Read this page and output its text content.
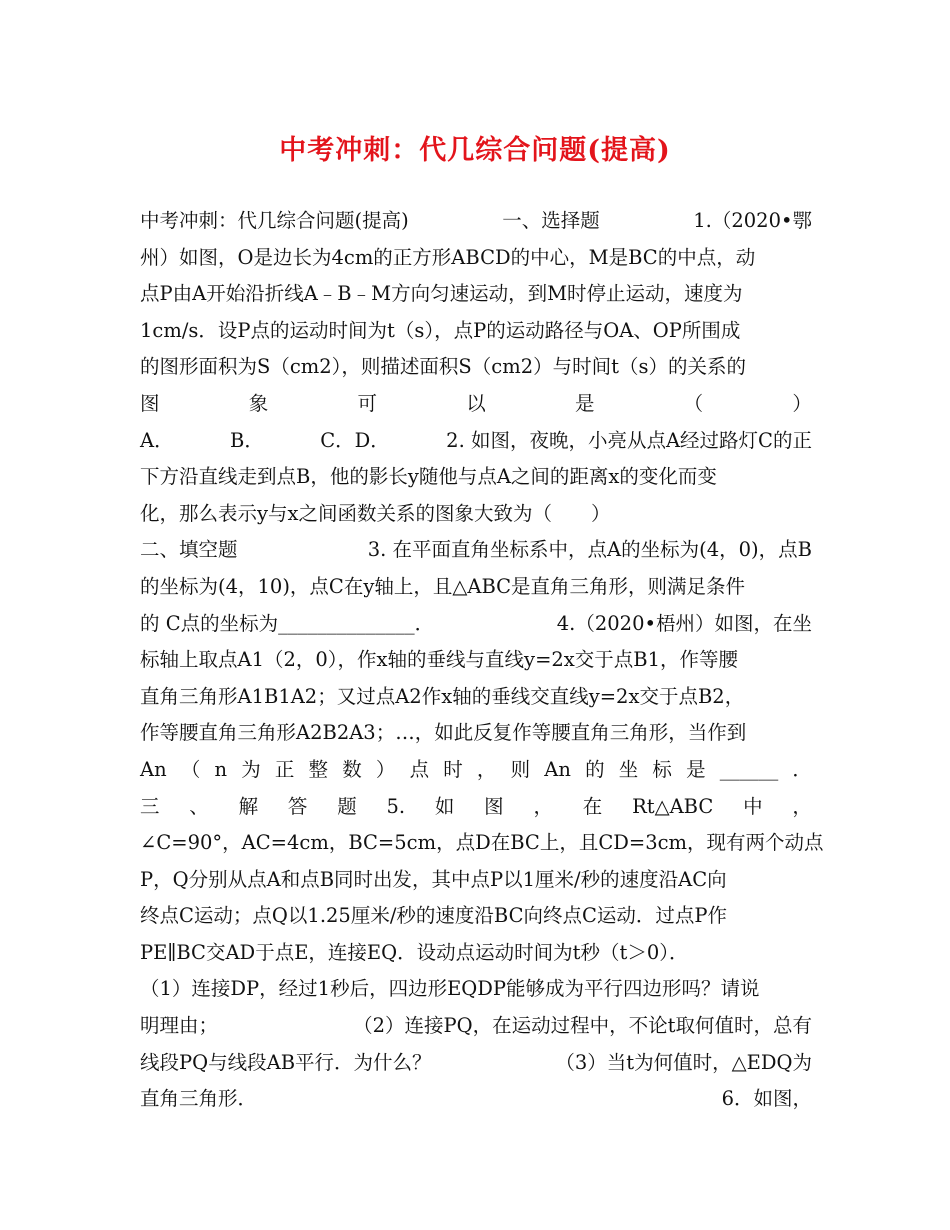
中考冲刺：代几综合问题(提高)
中考冲刺：代几综合问题(提高)	一、选择题	1.（2020•鄂
州）如图，O是边长为4cm的正方形ABCD的中心，M是BC的中点，动
点P由A开始沿折线A﹣B﹣M方向匀速运动，到M时停止运动，速度为
1cm/s．设P点的运动时间为t（s），点P的运动路径与OA、OP所围成
的图形面积为S（cm2），则描述面积S（cm2）与时间t（s）的关系的
图	象	可	以	是	（	）
A．	B．	C．D．	2. 如图，夜晚，小亮从点A经过路灯C的正
下方沿直线走到点B，他的影长y随他与点A之间的距离x的变化而变
化，那么表示y与x之间函数关系的图象大致为（　　）
二、填空题	3. 在平面直角坐标系中，点A的坐标为(4，0)，点B
的坐标为(4，10)，点C在y轴上，且△ABC是直角三角形，则满足条件
的 C点的坐标为______________．	4.（2020•梧州）如图，在坐
标轴上取点A1（2，0），作x轴的垂线与直线y=2x交于点B1，作等腰
直角三角形A1B1A2；又过点A2作x轴的垂线交直线y=2x交于点B2，
作等腰直角三角形A2B2A3；…，如此反复作等腰直角三角形，当作到
An （ n 为 正 整 数 ） 点 时 ， 则 An 的 坐 标 是 ______ ．
三 、 解 答 题 5. 如 图 ， 在 Rt△ABC 中 ，
∠C=90°，AC=4cm，BC=5cm，点D在BC上，且CD=3cm，现有两个动点
P，Q分别从点A和点B同时出发，其中点P以1厘米/秒的速度沿AC向
终点C运动；点Q以1.25厘米/秒的速度沿BC向终点C运动．过点P作
PE∥BC交AD于点E，连接EQ．设动点运动时间为t秒（t＞0）．
（1）连接DP，经过1秒后，四边形EQDP能够成为平行四边形吗？请说
明理由；	（2）连接PQ，在运动过程中，不论t取何值时，总有
线段PQ与线段AB平行．为什么？	（3）当t为何值时，△EDQ为
直角三角形．	6．如图，
